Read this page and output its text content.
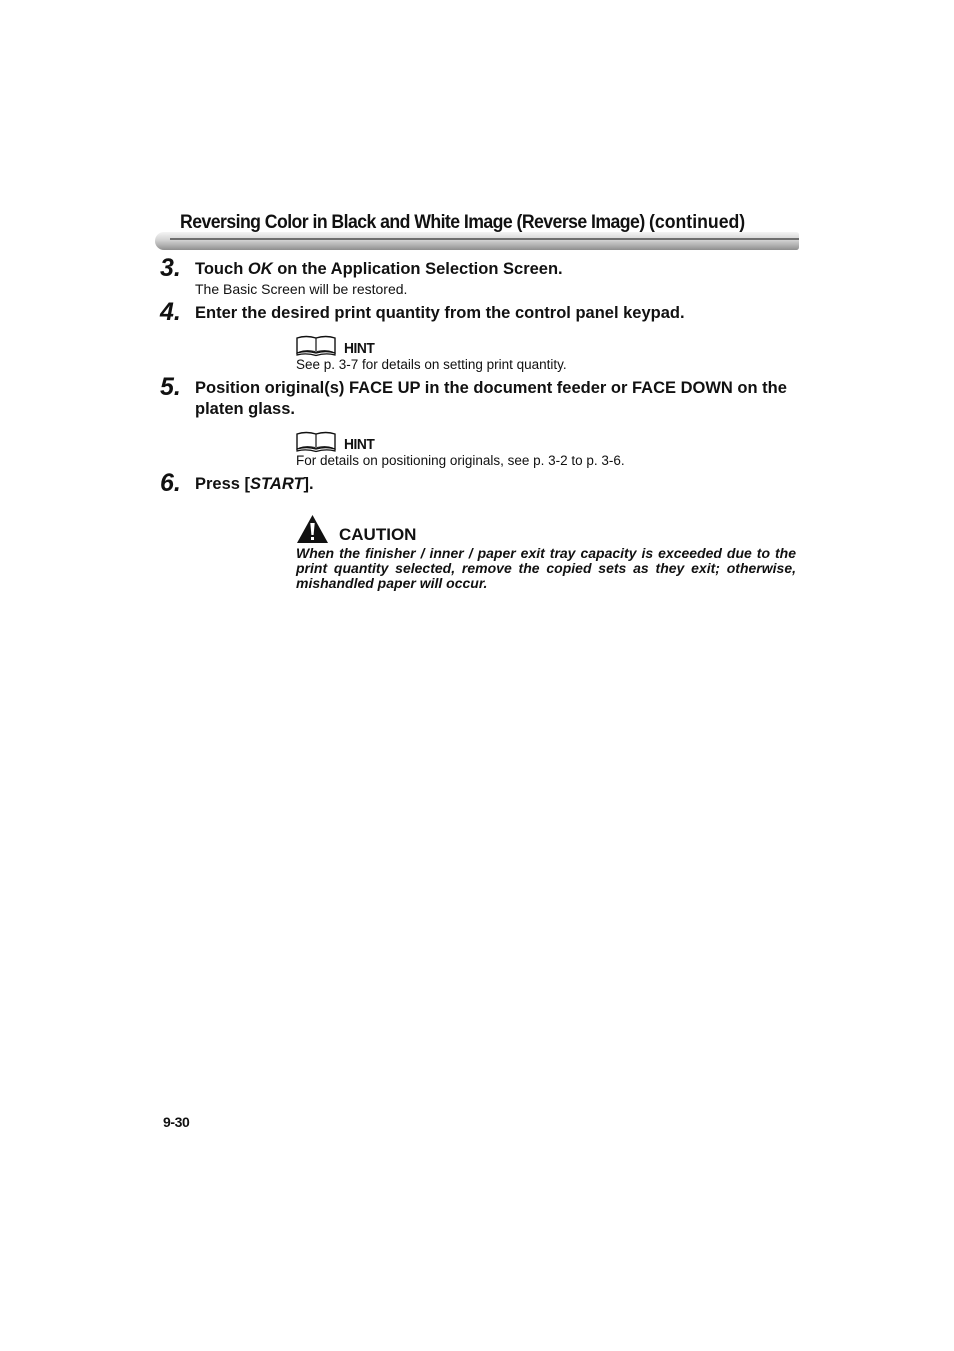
Reversing Color in Black and White Image (Reverse Image) (continued)
3. Touch OK on the Application Selection Screen.
The Basic Screen will be restored.
4. Enter the desired print quantity from the control panel keypad.
HINT
See p. 3-7 for details on setting print quantity.
5. Position original(s) FACE UP in the document feeder or FACE DOWN on the platen glass.
HINT
For details on positioning originals, see p. 3-2 to p. 3-6.
6. Press [START].
CAUTION
When the finisher / inner / paper exit tray capacity is exceeded due to the print quantity selected, remove the copied sets as they exit; otherwise, mishandled paper will occur.
9-30
